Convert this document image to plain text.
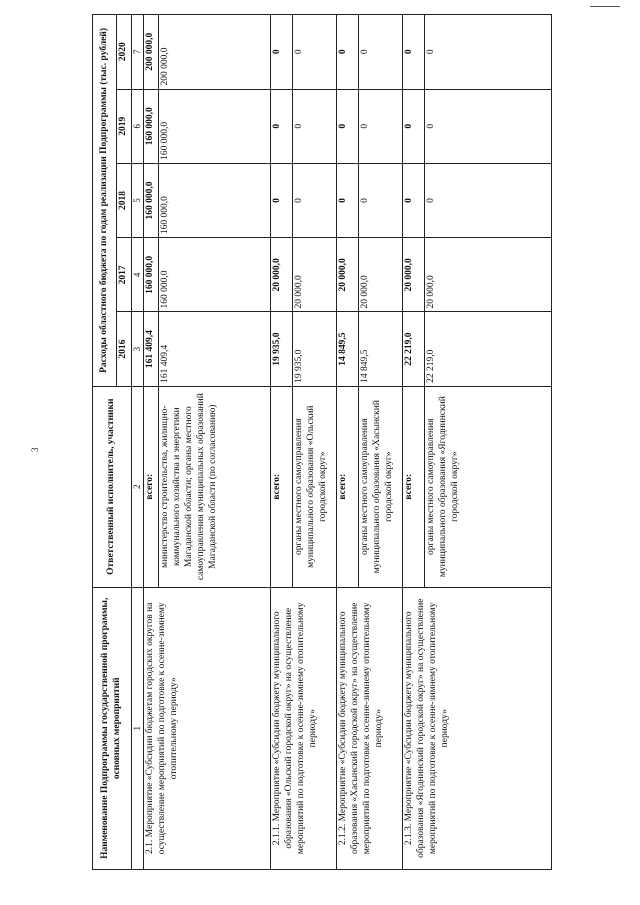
3
Наименование Подпрограммы государственной программы, основных мероприятий	Ответственный исполнитель, участники	Расходы областного бюджета по годам реализации Подпрограммы (тыс. рублей)				
		2016	2017	2018	2019	2020
1	2	3	4	5	6	7
2.1. Мероприятие «Субсидии бюджетам городских округов на осуществление мероприятий по подготовке к осенне-зимнему отопительному периоду»	всего:	161 409,4	160 000,0	160 000,0	160 000,0	200 000,0
	министерство строительства, жилищно-коммунального хозяйства и энергетики Магаданской области; органы местного самоуправления муниципальных образований Магаданской области (по согласованию)	161 409,4	160 000,0	160 000,0	160 000,0	200 000,0
2.1.1. Мероприятие «Субсидии бюджету муниципального образования «Ольский городской округ» на осуществление мероприятий по подготовке к осенне-зимнему отопительному периоду»	всего:	19 935,0	20 000,0	0	0	0
	органы местного самоуправления муниципального образования «Ольский городской округ»	19 935,0	20 000,0	0	0	0
2.1.2. Мероприятие «Субсидии бюджету муниципального образования «Хасынский городской округ» на осуществление мероприятий по подготовке к осенне-зимнему отопительному периоду»	всего:	14 849,5	20 000,0	0	0	0
	органы местного самоуправления муниципального образования «Хасынский городской округ»	14 849,5	20 000,0	0	0	0
2.1.3. Мероприятие «Субсидии бюджету муниципального образования «Ягоднинский городской округ» на осуществление мероприятий по подготовке к осенне-зимнему отопительному периоду»	всего:	22 219,0	20 000,0	0	0	0
	органы местного самоуправления муниципального образования «Ягоднинский городской округ»	22 219,0	20 000,0	0	0	0
